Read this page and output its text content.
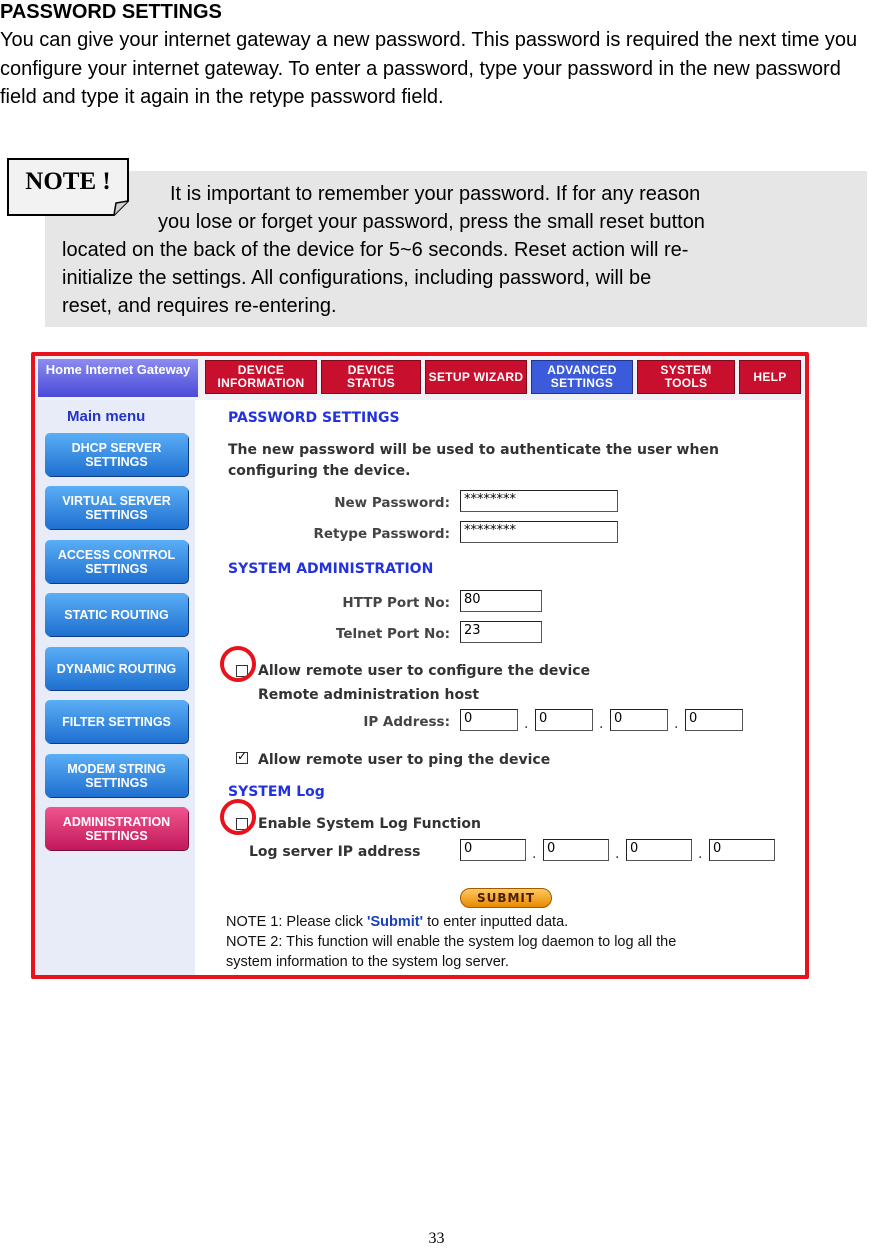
PASSWORD SETTINGS

You can give your internet gateway a new password. This password is required the next time you configure your internet gateway. To enter a password, type your password in the new password field and type it again in the retype password field.

NOTE !	It is important to remember your password. If for any reason
you lose or forget your password, press the small reset button
located on the back of the device for 5~6 seconds. Reset action will re-
initialize the settings. All configurations, including password, will be
reset, and requires re-entering.

Home Internet Gateway	DEVICE INFORMATION
DEVICE STATUS	SETUP WIZARD	ADVANCED SETTINGS
SYSTEM TOOLS	HELP
Main menu
DHCP SERVER SETTINGS
VIRTUAL SERVER SETTINGS
ACCESS CONTROL SETTINGS
STATIC ROUTING
DYNAMIC ROUTING
FILTER SETTINGS
MODEM STRING SETTINGS
ADMINISTRATION SETTINGS
PASSWORD SETTINGS
The new password will be used to authenticate the user when configuring the device.
New Password:	********
Retype Password:	********
SYSTEM ADMINISTRATION
HTTP Port No:	80
Telnet Port No:	23
Allow remote user to configure the device
Remote administration host
IP Address:	0	. 0	. 0	. 0
✓
Allow remote user to ping the device
SYSTEM Log
Enable System Log Function
Log server IP address	0	. 0	. 0	. 0
SUBMIT
NOTE 1: Please click 'Submit' to enter inputted data.
NOTE 2: This function will enable the system log daemon to log all the
system information to the system log server.
33
